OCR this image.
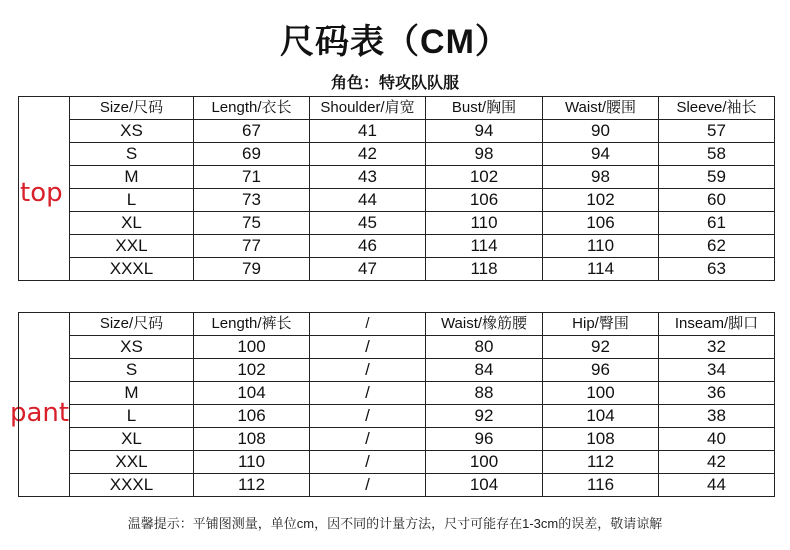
尺码表（CM）
角色：特攻队队服
top
	Size/尺码	Length/衣长	Shoulder/肩宽	Bust/胸围	Waist/腰围	Sleeve/袖长
	XS	67	41	94	90	57
	S	69	42	98	94	58
	M	71	43	102	98	59
	L	73	44	106	102	60
	XL	75	45	110	106	61
	XXL	77	46	114	110	62
	XXXL	79	47	118	114	63
pant
	Size/尺码	Length/裤长	/	Waist/橡筋腰	Hip/臀围	Inseam/脚口
	XS	100	/	80	92	32
	S	102	/	84	96	34
	M	104	/	88	100	36
	L	106	/	92	104	38
	XL	108	/	96	108	40
	XXL	110	/	100	112	42
	XXXL	112	/	104	116	44
温馨提示：平铺图测量，单位cm，因不同的计量方法，尺寸可能存在1-3cm的误差，敬请谅解
